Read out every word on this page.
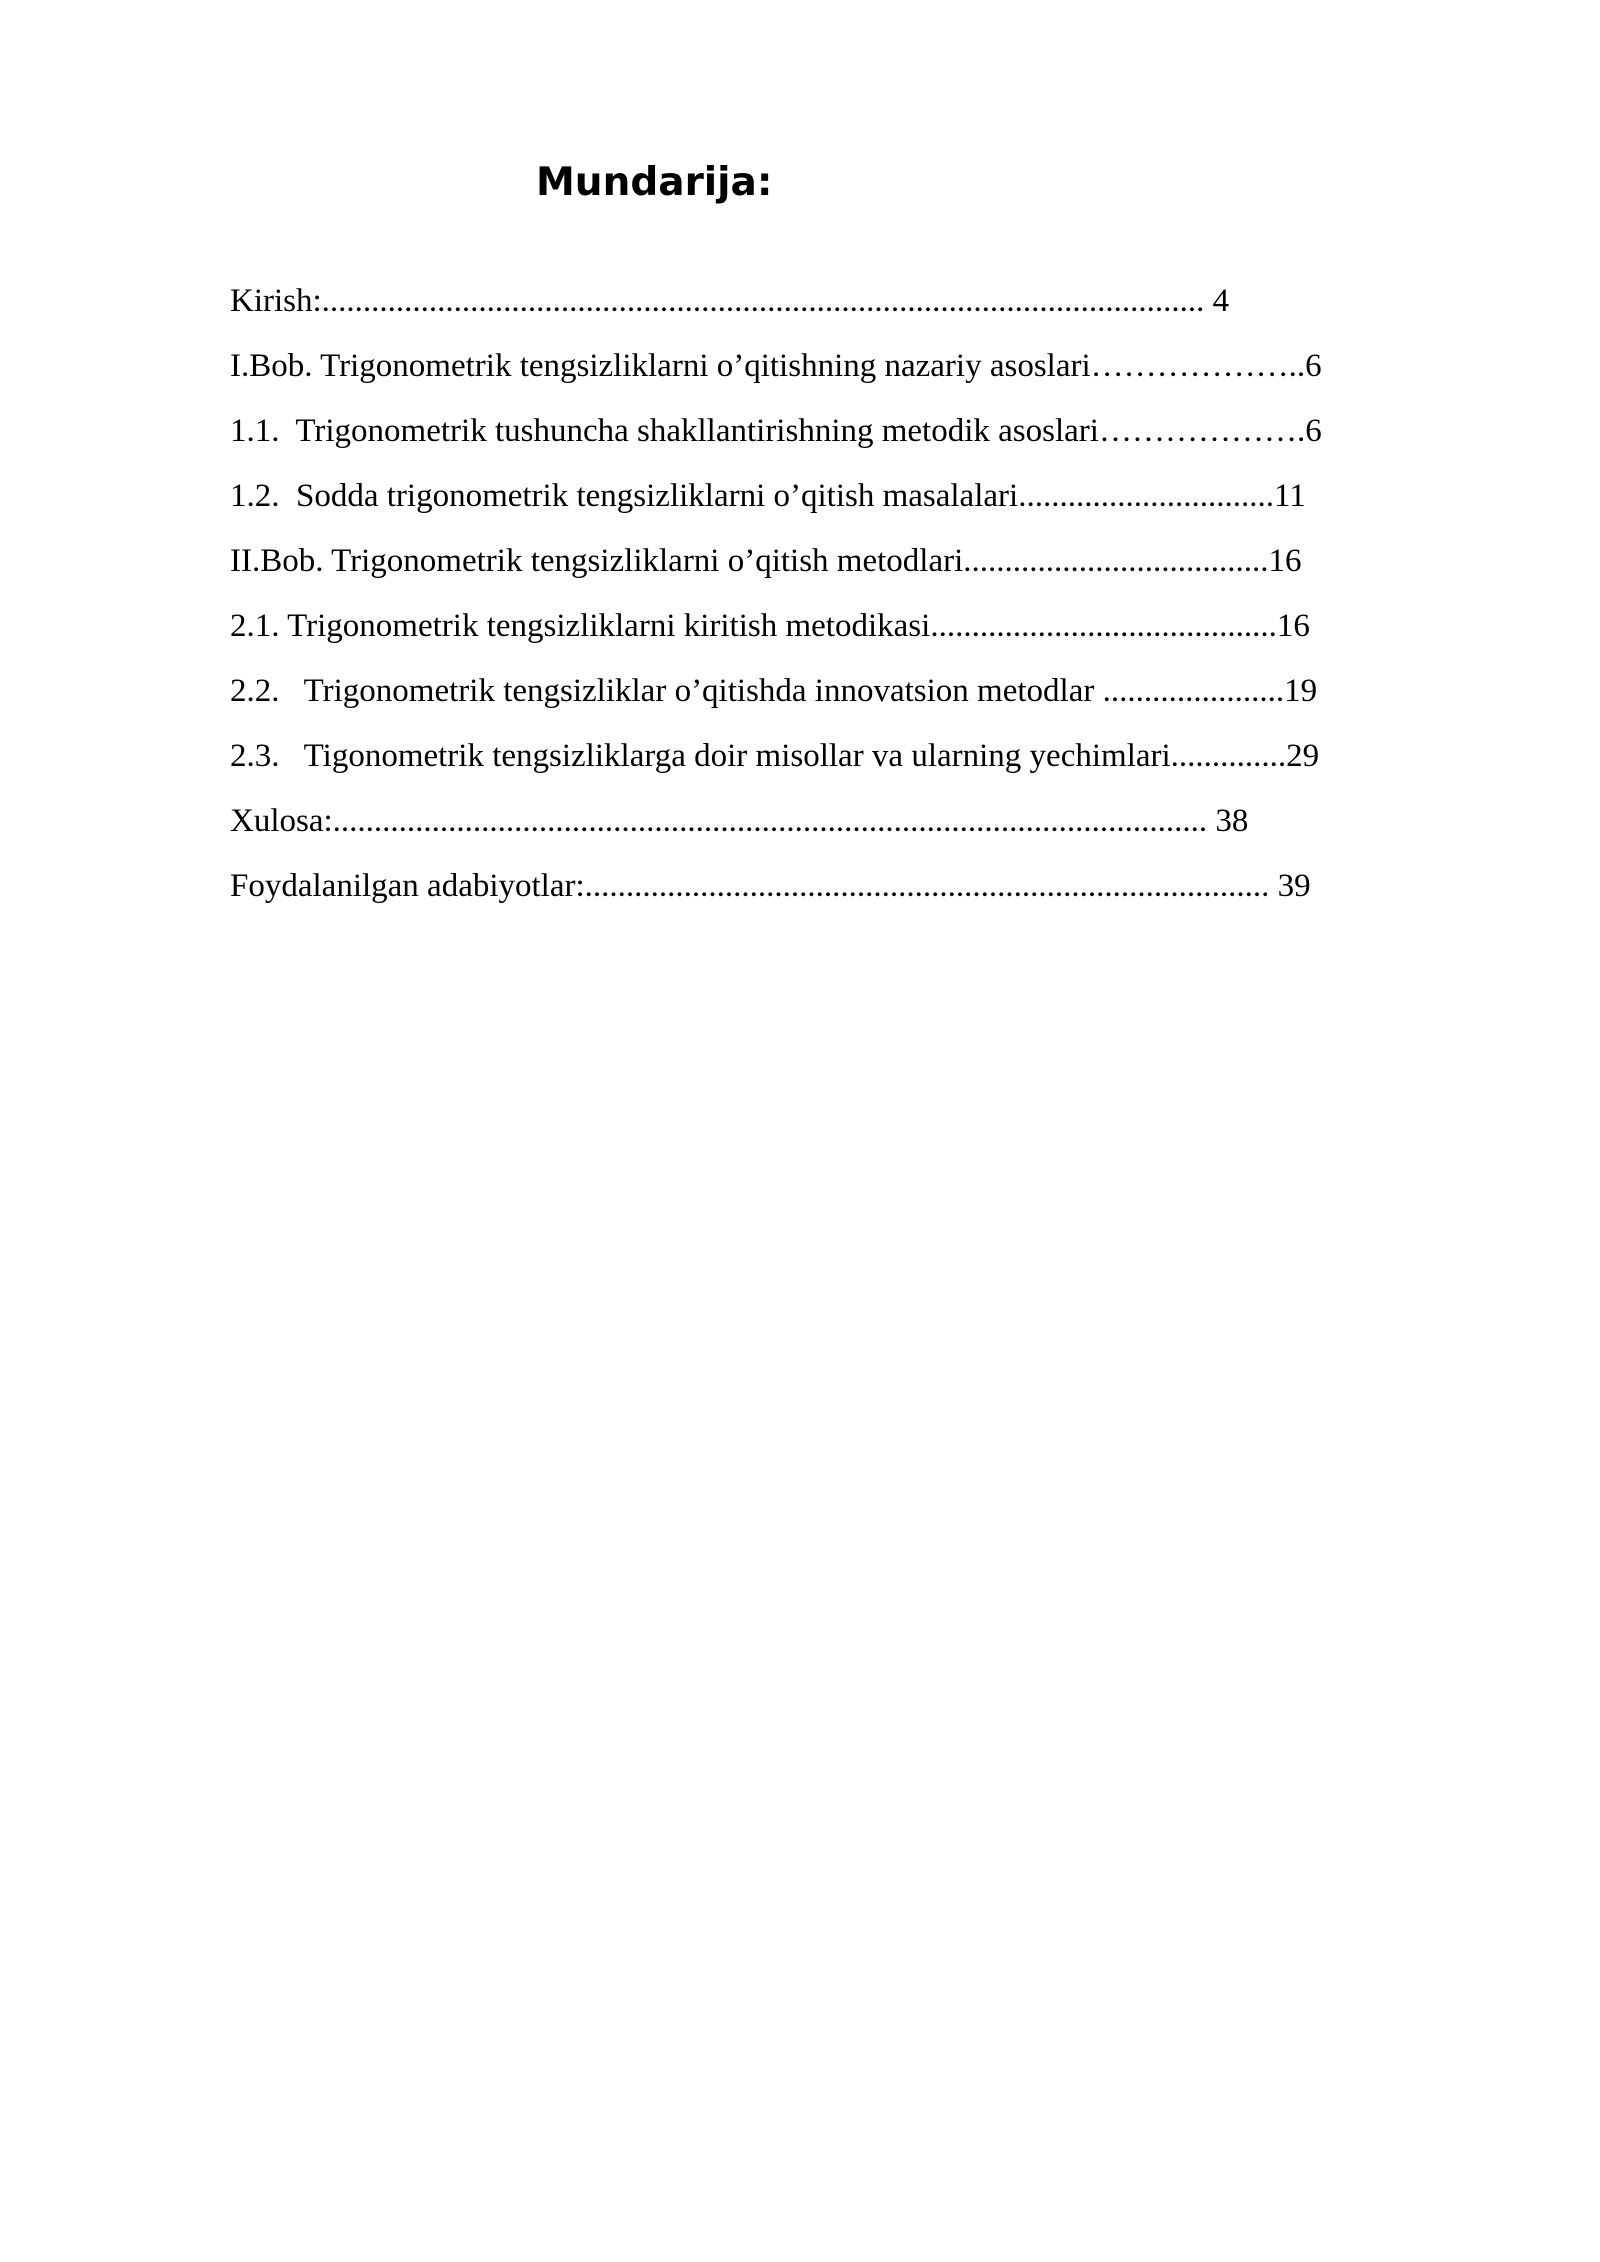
Mundarija:
Kirish:........................................................................................................... 4
I.Bob. Trigonometrik tengsizliklarni o’qitishning nazariy asoslari………………..6
1.1.  Trigonometrik tushuncha shakllantirishning metodik asoslari……………….6
1.2.  Sodda trigonometrik tengsizliklarni o’qitish masalalari...............................11
II.Bob. Trigonometrik tengsizliklarni o’qitish metodlari.....................................16
2.1. Trigonometrik tengsizliklarni kiritish metodikasi..........................................16
2.2.   Trigonometrik tengsizliklar o’qitishda innovatsion metodlar ......................19
2.3.   Tigonometrik tengsizliklarga doir misollar va ularning yechimlari..............29
Xulosa:.......................................................................................................... 38
Foydalanilgan adabiyotlar:................................................................................... 39
